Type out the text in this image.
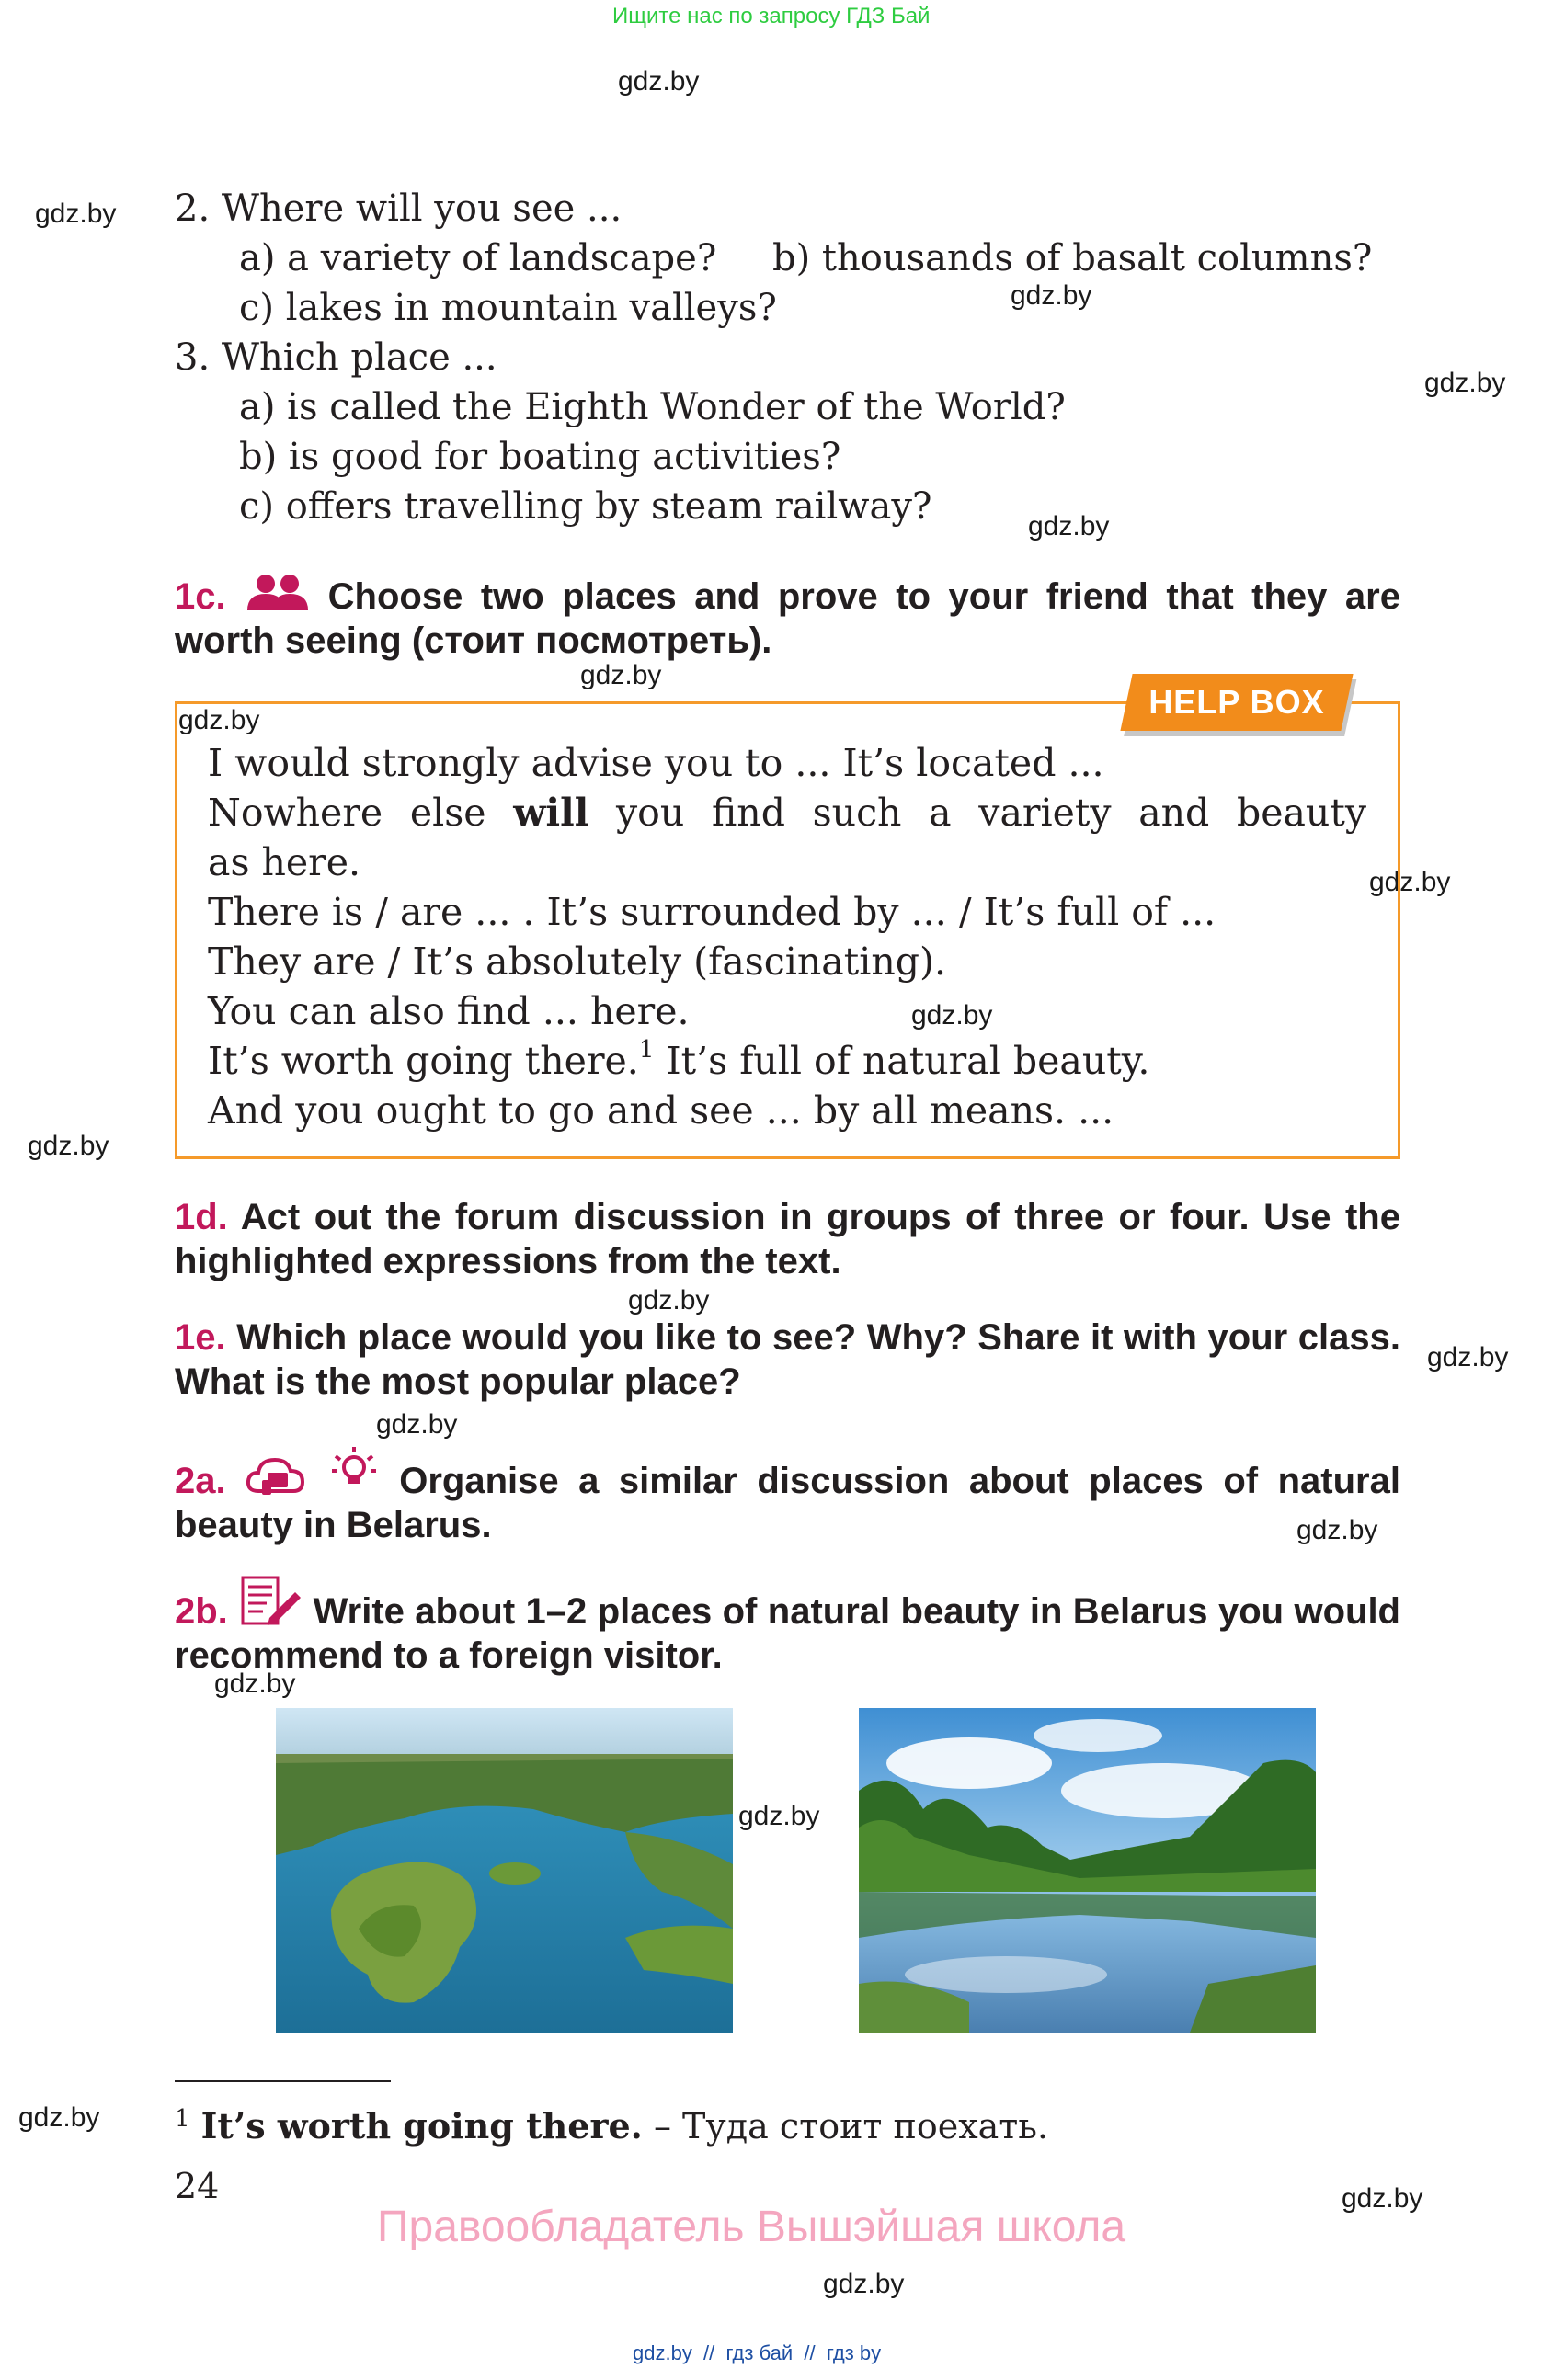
Ищите нас по запросу ГДЗ Бай
gdz.by
gdz.by
gdz.by
gdz.by
gdz.by
gdz.by
gdz.by
gdz.by
gdz.by
gdz.by
gdz.by
gdz.by
gdz.by
gdz.by
gdz.by
gdz.by
gdz.by
gdz.by
gdz.by
2. Where will you see ...
a) a variety of landscape? b) thousands of basalt columns?
c) lakes in mountain valleys?
3. Which place ...
a) is called the Eighth Wonder of the World?
b) is good for boating activities?
c) offers travelling by steam railway?
1c.	Choose two places and prove to your friend that they are worth seeing (стоит посмотреть).
HELP BOX
I would strongly advise you to ... It’s located ...
Nowhere else will you find such a variety and beauty
as here.
There is / are ... . It’s surrounded by ... / It’s full of ...
They are / It’s absolutely (fascinating).
You can also find ... here.
It’s worth going there.$^1$ It’s full of natural beauty.
And you ought to go and see ... by all means. ...
1d. Act out the forum discussion in groups of three or four. Use the highlighted expressions from the text.
1e. Which place would you like to see? Why? Share it with your class. What is the most popular place?
2a.	Organise a similar discussion about places of natural beauty in Belarus.
2b. Write about 1–2 places of natural beauty in Belarus you would recommend to a foreign visitor.
$^1$ It’s worth going there. – Туда стоит поехать.
24
Правообладатель Вышэйшая школа
gdz.by  //  гдз бай  //  гдз by
